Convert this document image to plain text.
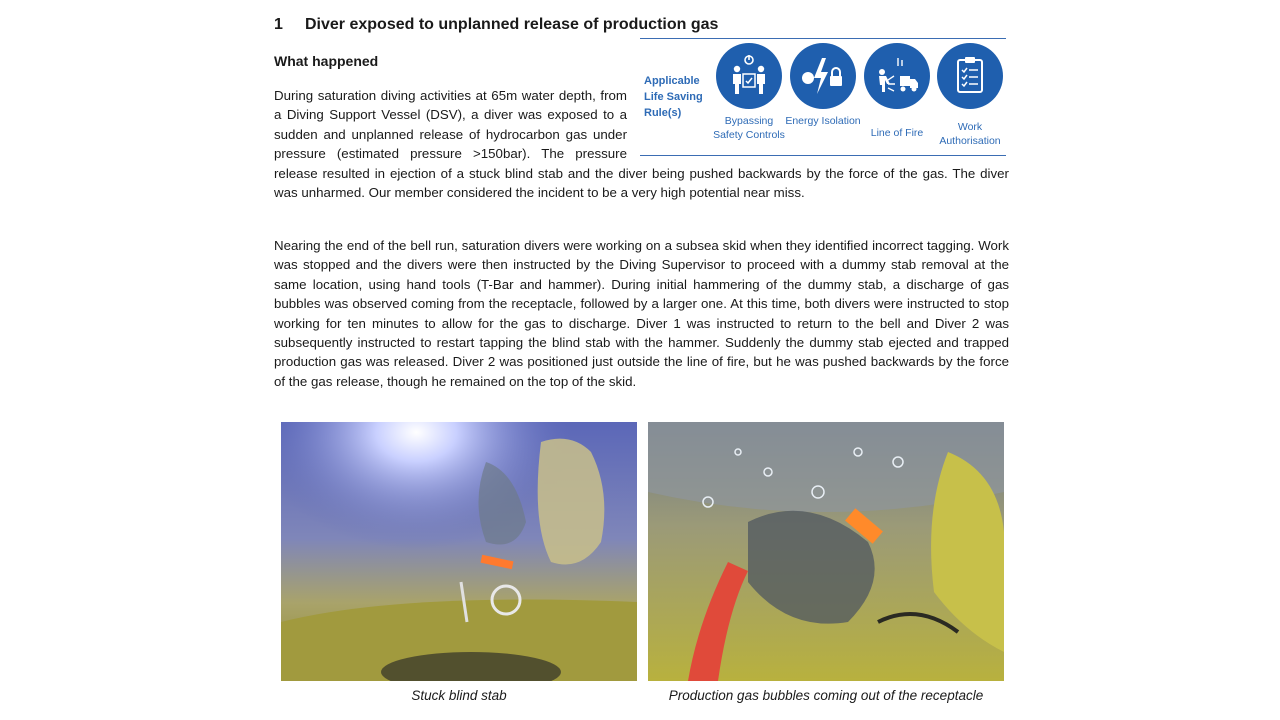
1 Diver exposed to unplanned release of production gas
What happened

During saturation diving activities at 65m water depth, from a Diving Support Vessel (DSV), a diver was exposed to a sudden and unplanned release of hydrocarbon gas under pressure (estimated pressure >150bar). The pressure release resulted in ejection of a stuck blind stab and the diver being pushed backwards by the force of the gas. The diver was unharmed. Our member considered the incident to be a very high potential near miss.

Nearing the end of the bell run, saturation divers were working on a subsea skid when they identified incorrect tagging. Work was stopped and the divers were then instructed by the Diving Supervisor to proceed with a dummy stab removal at the same location, using hand tools (T-Bar and hammer). During initial hammering of the dummy stab, a discharge of gas bubbles was observed coming from the receptacle, followed by a larger one. At this time, both divers were instructed to stop working for ten minutes to allow for the gas to discharge. Diver 1 was instructed to return to the bell and Diver 2 was subsequently instructed to restart tapping the blind stab with the hammer. Suddenly the dummy stab ejected and trapped production gas was released. Diver 2 was positioned just outside the line of fire, but he was pushed backwards by the force of the gas release, though he remained on the top of the skid.

Applicable Life Saving Rule(s)
Bypassing Safety Controls
Energy Isolation
Line of Fire	Work Authorisation
Stuck blind stab	Production gas bubbles coming out of the receptacle
